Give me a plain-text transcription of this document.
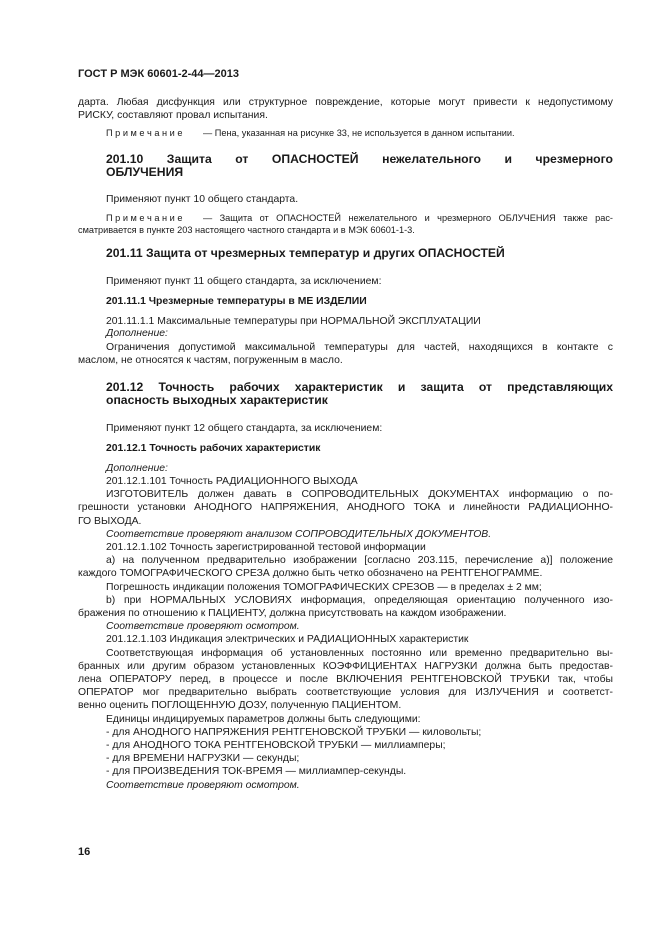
ГОСТ Р МЭК 60601-2-44—2013
дарта. Любая дисфункция или структурное повреждение, которые могут привести к недопустимому
РИСКУ, составляют провал испытания.
П р и м е ч а н и е — Пена, указанная на рисунке 33, не используется в данном испытании.
201.10 Защита от ОПАСНОСТЕЙ нежелательного и чрезмерного
ОБЛУЧЕНИЯ
Применяют пункт 10 общего стандарта.
П р и м е ч а н и е — Защита от ОПАСНОСТЕЙ нежелательного и чрезмерного ОБЛУЧЕНИЯ также рас-
сматривается в пункте 203 настоящего частного стандарта и в МЭК 60601-1-3.
201.11 Защита от чрезмерных температур и других ОПАСНОСТЕЙ
Применяют пункт 11 общего стандарта, за исключением:
201.11.1 Чрезмерные температуры в МЕ ИЗДЕЛИИ
201.11.1.1 Максимальные температуры при НОРМАЛЬНОЙ ЭКСПЛУАТАЦИИ
Дополнение:
Ограничения допустимой максимальной температуры для частей, находящихся в контакте с
маслом, не относятся к частям, погруженным в масло.
201.12 Точность рабочих характеристик и защита от представляющих
опасность выходных характеристик
Применяют пункт 12 общего стандарта, за исключением:
201.12.1 Точность рабочих характеристик
Дополнение:
201.12.1.101 Точность РАДИАЦИОННОГО ВЫХОДА
ИЗГОТОВИТЕЛЬ должен давать в СОПРОВОДИТЕЛЬНЫХ ДОКУМЕНТАХ информацию о по-
грешности установки АНОДНОГО НАПРЯЖЕНИЯ, АНОДНОГО ТОКА и линейности РАДИАЦИОННО-
ГО ВЫХОДА.
Соответствие проверяют анализом СОПРОВОДИТЕЛЬНЫХ ДОКУМЕНТОВ.
201.12.1.102 Точность зарегистрированной тестовой информации
а) на полученном предварительно изображении [согласно 203.115, перечисление а)] положение
каждого ТОМОГРАФИЧЕСКОГО СРЕЗА должно быть четко обозначено на РЕНТГЕНОГРАММЕ.
Погрешность индикации положения ТОМОГРАФИЧЕСКИХ СРЕЗОВ — в пределах ± 2 мм;
b) при НОРМАЛЬНЫХ УСЛОВИЯХ информация, определяющая ориентацию полученного изо-
бражения по отношению к ПАЦИЕНТУ, должна присутствовать на каждом изображении.
Соответствие проверяют осмотром.
201.12.1.103 Индикация электрических и РАДИАЦИОННЫХ характеристик
Соответствующая информация об установленных постоянно или временно предварительно вы-
бранных или другим образом установленных КОЭФФИЦИЕНТАХ НАГРУЗКИ должна быть предостав-
лена ОПЕРАТОРУ перед, в процессе и после ВКЛЮЧЕНИЯ РЕНТГЕНОВСКОЙ ТРУБКИ так, чтобы
ОПЕРАТОР мог предварительно выбрать соответствующие условия для ИЗЛУЧЕНИЯ и соответст-
венно оценить ПОГЛОЩЕННУЮ ДОЗУ, полученную ПАЦИЕНТОМ.
Единицы индицируемых параметров должны быть следующими:
- для АНОДНОГО НАПРЯЖЕНИЯ РЕНТГЕНОВСКОЙ ТРУБКИ — киловольты;
- для АНОДНОГО ТОКА РЕНТГЕНОВСКОЙ ТРУБКИ — миллиамперы;
- для ВРЕМЕНИ НАГРУЗКИ — секунды;
- для ПРОИЗВЕДЕНИЯ ТОК-ВРЕМЯ — миллиампер-секунды.
Соответствие проверяют осмотром.
16
